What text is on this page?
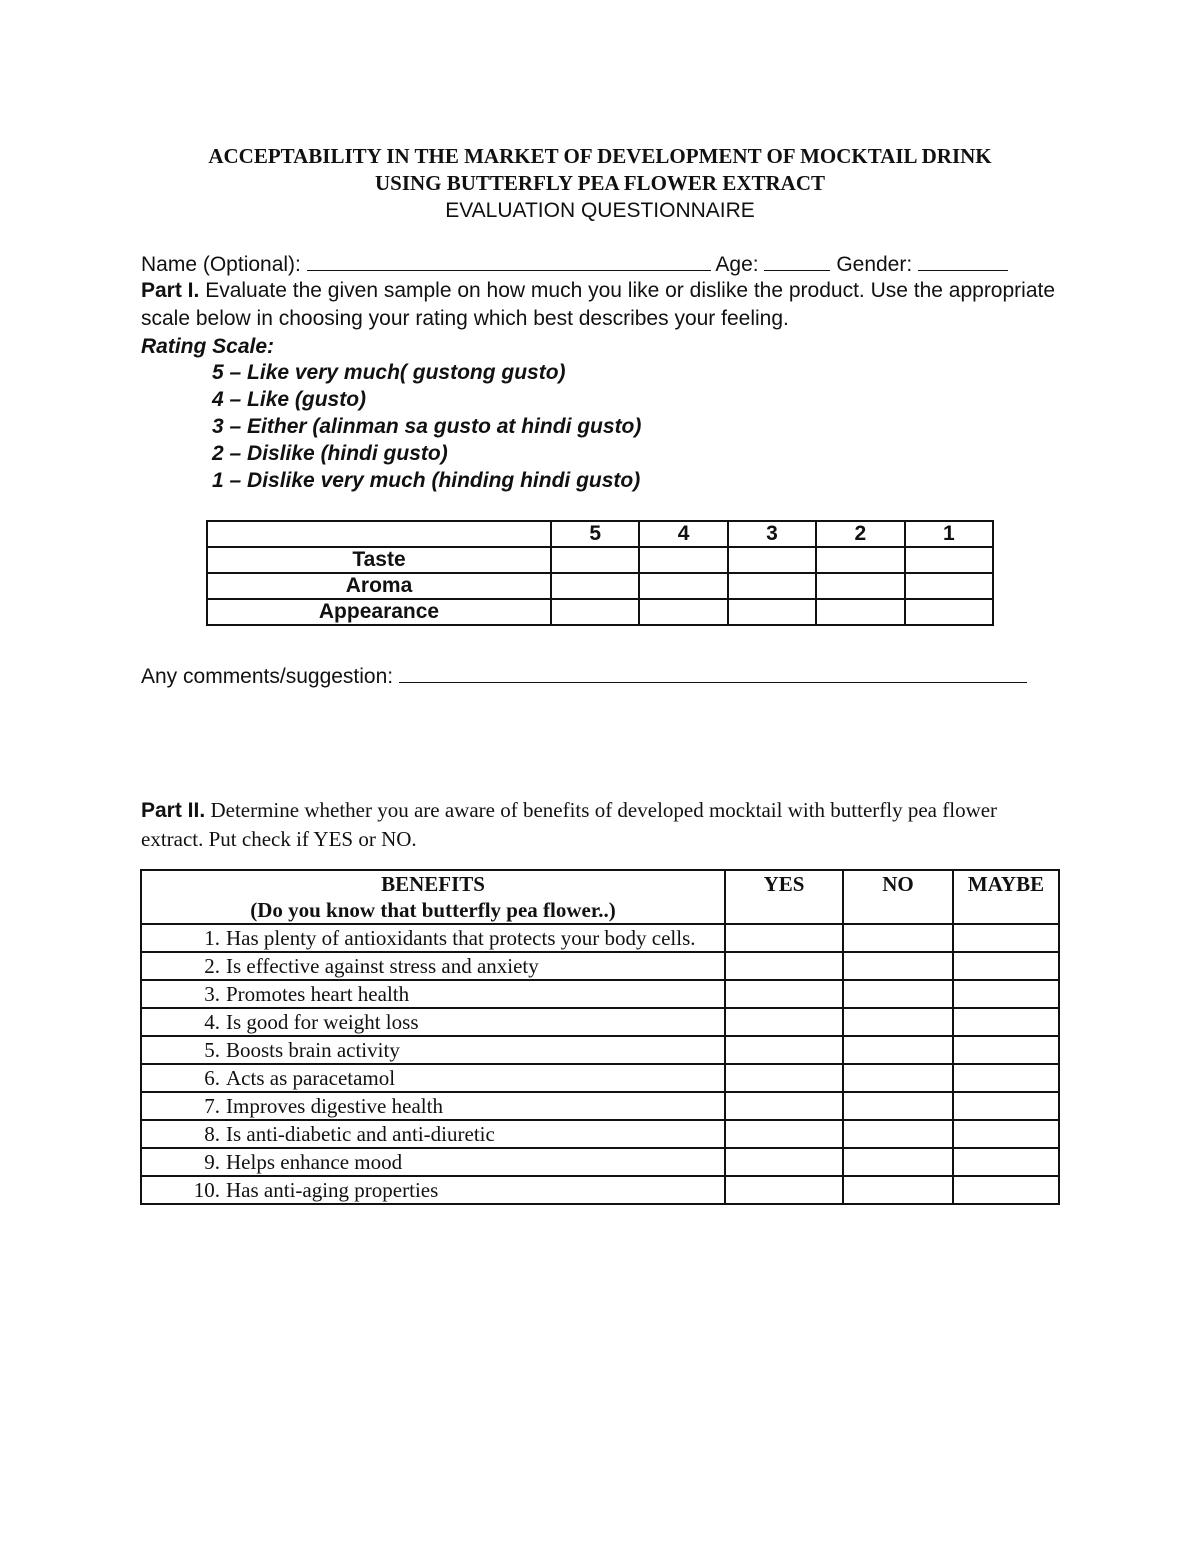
ACCEPTABILITY IN THE MARKET OF DEVELOPMENT OF MOCKTAIL DRINK
USING BUTTERFLY PEA FLOWER EXTRACT
EVALUATION QUESTIONNAIRE
Name (Optional):	Age:	Gender:
Part I. Evaluate the given sample on how much you like or dislike the product. Use the appropriate scale below in choosing your rating which best describes your feeling.
Rating Scale:
5 – Like very much( gustong gusto)
4 – Like (gusto)
3 – Either (alinman sa gusto at hindi gusto)
2 – Dislike (hindi gusto)
1 – Dislike very much (hinding hindi gusto)
	5	4	3	2	1
Taste					
Aroma					
Appearance					
Any comments/suggestion:
Part II. Determine whether you are aware of benefits of developed mocktail with butterfly pea flower extract. Put check if YES or NO.
BENEFITS
(Do you know that butterfly pea flower..)	YES	NO	MAYBE

1. Has plenty of antioxidants that protects your body cells.			

2. Is effective against stress and anxiety			

3. Promotes heart health			

4. Is good for weight loss			

5. Boosts brain activity			

6. Acts as paracetamol			

7. Improves digestive health			

8. Is anti-diabetic and anti-diuretic			

9. Helps enhance mood			

10. Has anti-aging properties			
